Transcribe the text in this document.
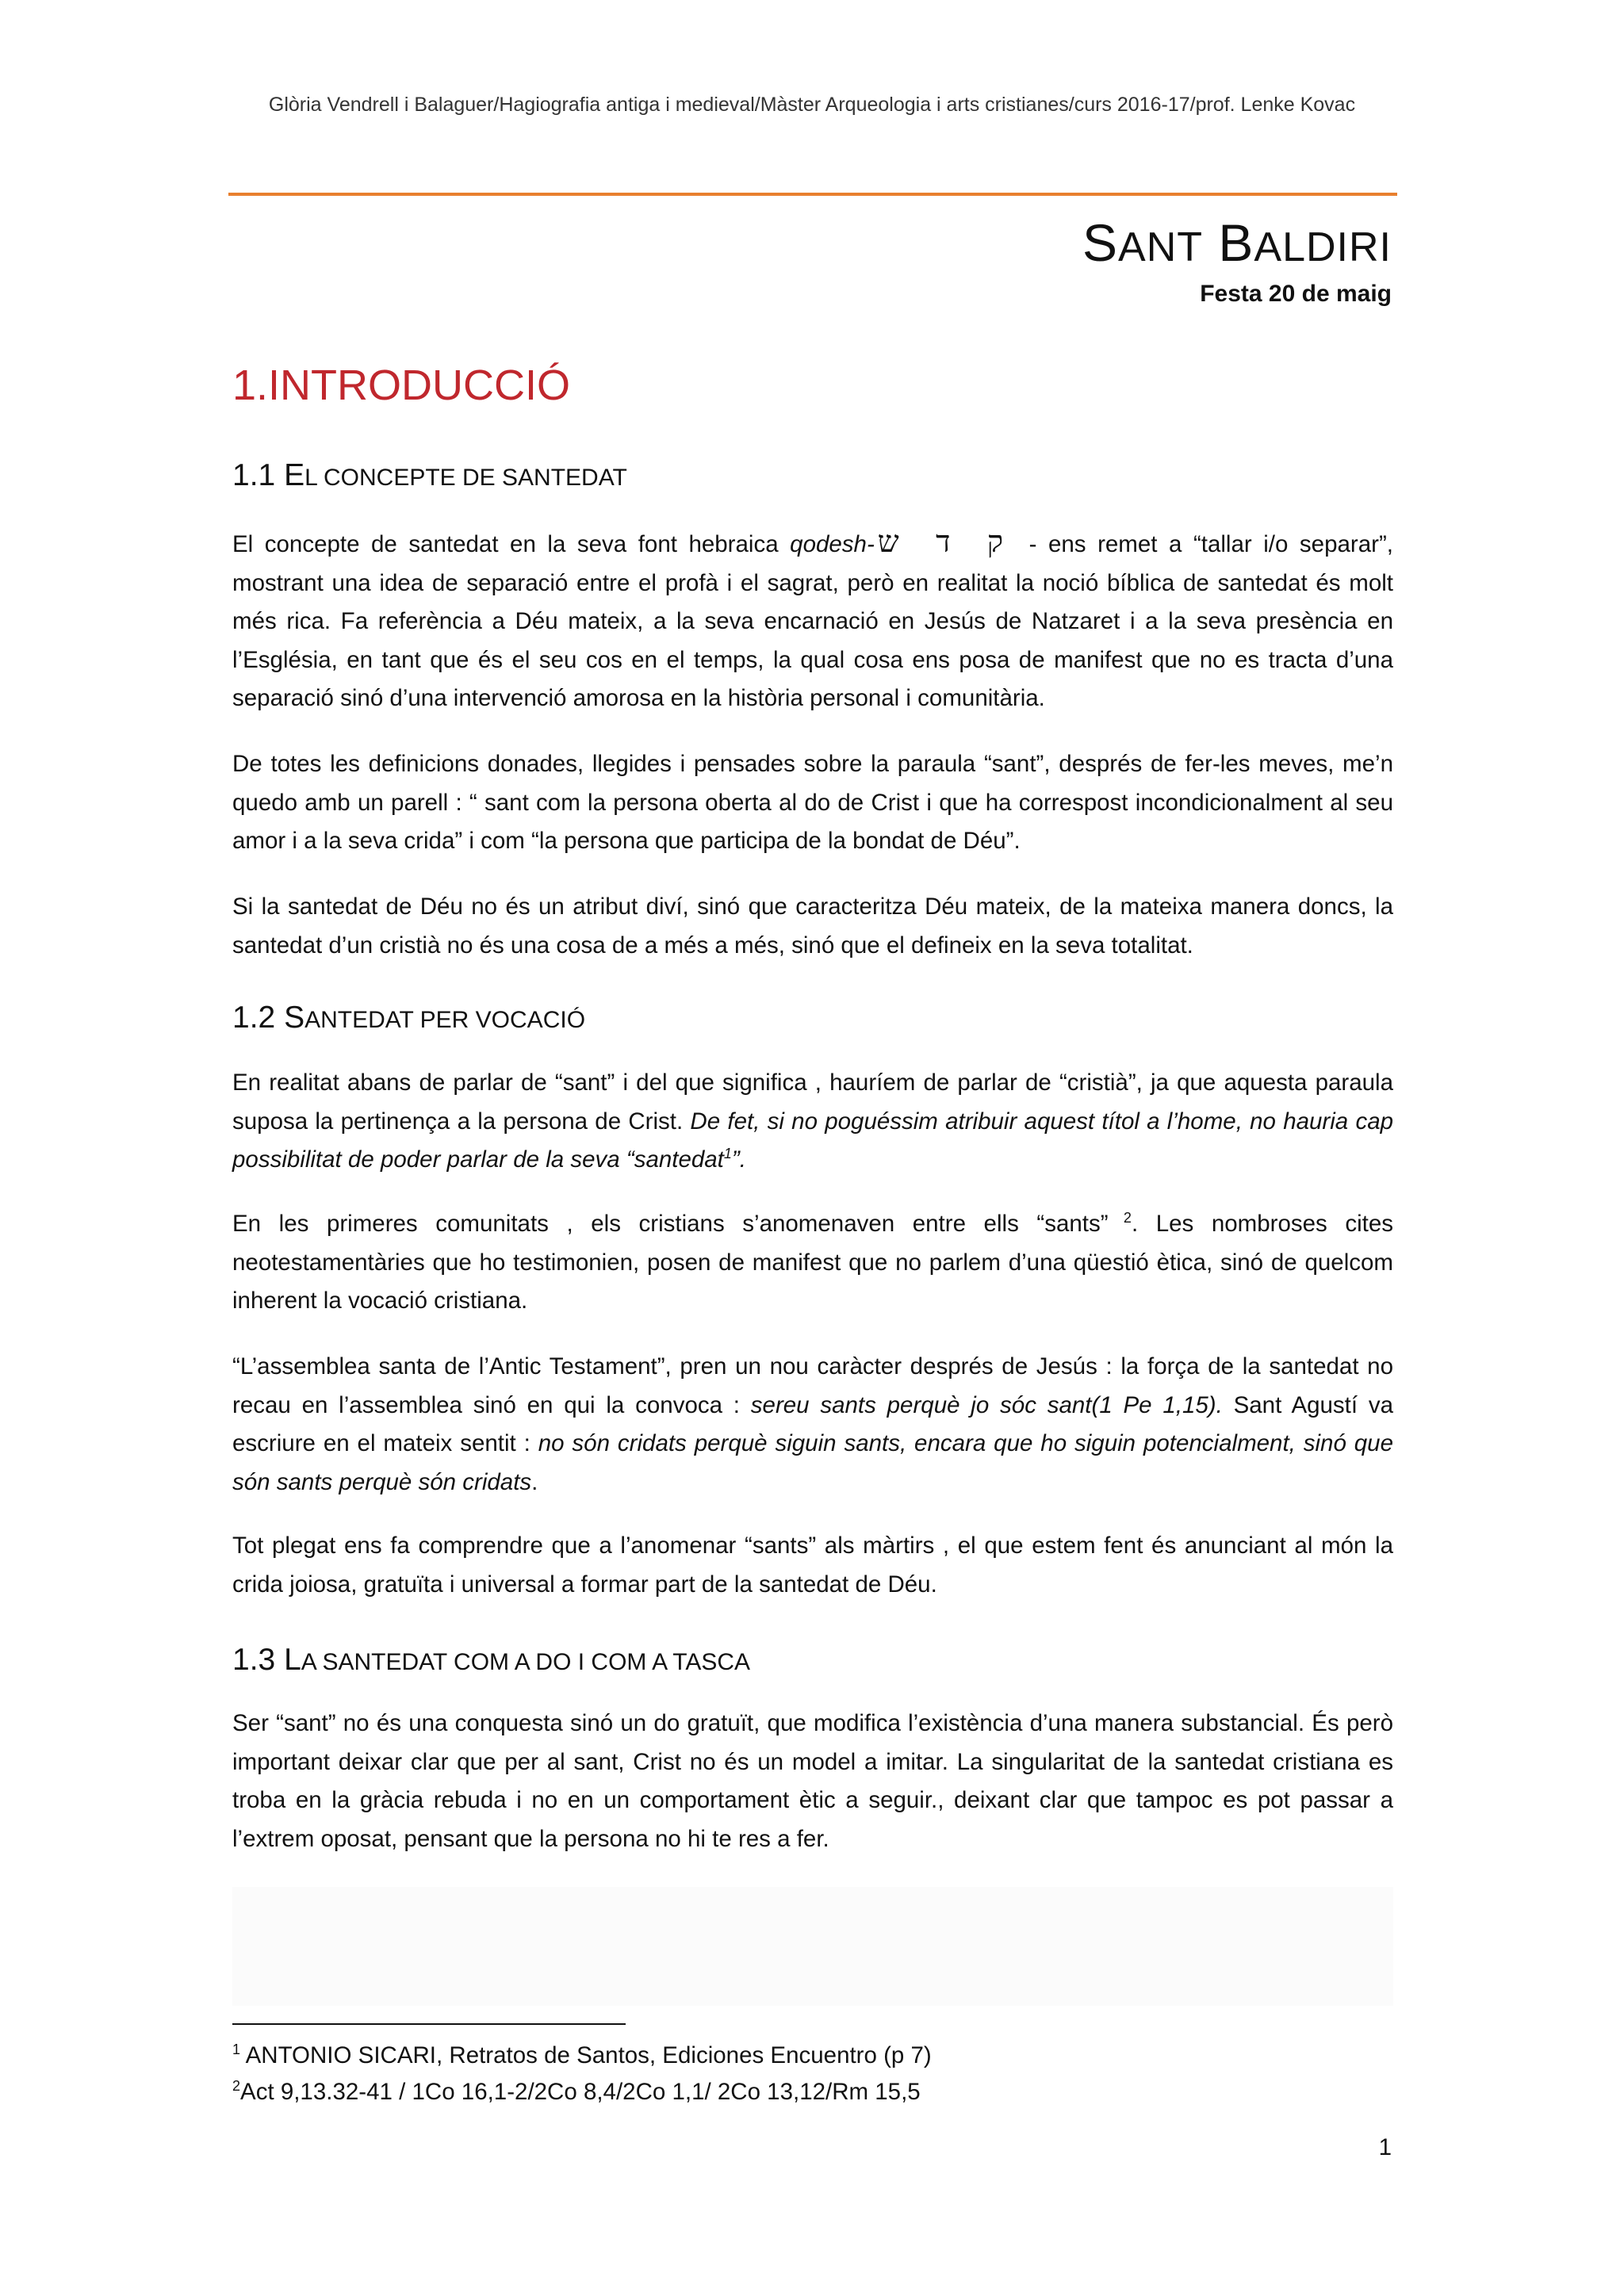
Glòria Vendrell i Balaguer/Hagiografia antiga i medieval/Màster Arqueologia i arts cristianes/curs 2016-17/prof. Lenke Kovac
SANT BALDIRI
Festa 20 de maig
1.INTRODUCCIÓ
1.1 EL CONCEPTE DE SANTEDAT

El concepte de santedat en la seva font hebraica qodesh- ק ד ש - ens remet a “tallar i/o separar”, mostrant una idea de separació entre el profà i el sagrat, però en realitat la noció bíblica de santedat és molt més rica. Fa referència a Déu mateix, a la seva encarnació en Jesús de Natzaret i a la seva presència en l’Església, en tant que és el seu cos en el temps, la qual cosa ens posa de manifest que no es tracta d’una separació sinó d’una intervenció amorosa en la història personal i comunitària.

De totes les definicions donades, llegides i pensades sobre la paraula “sant”, després de fer-les meves, me’n quedo amb un parell : “ sant com la persona oberta al do de Crist i que ha correspost incondicionalment al seu amor i a la seva crida” i com “la persona que participa de la bondat de Déu”.

Si la santedat de Déu no és un atribut diví, sinó que caracteritza Déu mateix, de la mateixa manera doncs, la santedat d’un cristià no és una cosa de a més a més, sinó que el defineix en la seva totalitat.

1.2 SANTEDAT PER VOCACIÓ

En realitat abans de parlar de “sant” i del que significa , hauríem de parlar de “cristià”, ja que aquesta paraula suposa la pertinença a la persona de Crist. De fet, si no poguéssim atribuir aquest títol a l’home, no hauria cap possibilitat de poder parlar de la seva “santedat$^1$”.

En les primeres comunitats , els cristians s’anomenaven entre ells “sants” $^2$. Les nombroses cites neotestamentàries que ho testimonien, posen de manifest que no parlem d’una qüestió ètica, sinó de quelcom inherent la vocació cristiana.

“L’assemblea santa de l’Antic Testament”, pren un nou caràcter després de Jesús : la força de la santedat no recau en l’assemblea sinó en qui la convoca : sereu sants perquè jo sóc sant(1 Pe 1,15). Sant Agustí va escriure en el mateix sentit : no són cridats perquè siguin sants, encara que ho siguin potencialment, sinó que són sants perquè són cridats.

Tot plegat ens fa comprendre que a l’anomenar “sants” als màrtirs , el que estem fent és anunciant al món la crida joiosa, gratuïta i universal a formar part de la santedat de Déu.

1.3 LA SANTEDAT COM A DO I COM A TASCA

Ser “sant” no és una conquesta sinó un do gratuït, que modifica l’existència d’una manera substancial. És però important deixar clar que per al sant, Crist no és un model a imitar. La singularitat de la santedat cristiana es troba en la gràcia rebuda i no en un comportament ètic a seguir., deixant clar que tampoc es pot passar a l’extrem oposat, pensant que la persona no hi te res a fer.

$^1$ ANTONIO SICARI, Retratos de Santos, Ediciones Encuentro (p 7)
$^2$Act 9,13.32-41 / 1Co 16,1-2/2Co 8,4/2Co 1,1/ 2Co 13,12/Rm 15,5
1
